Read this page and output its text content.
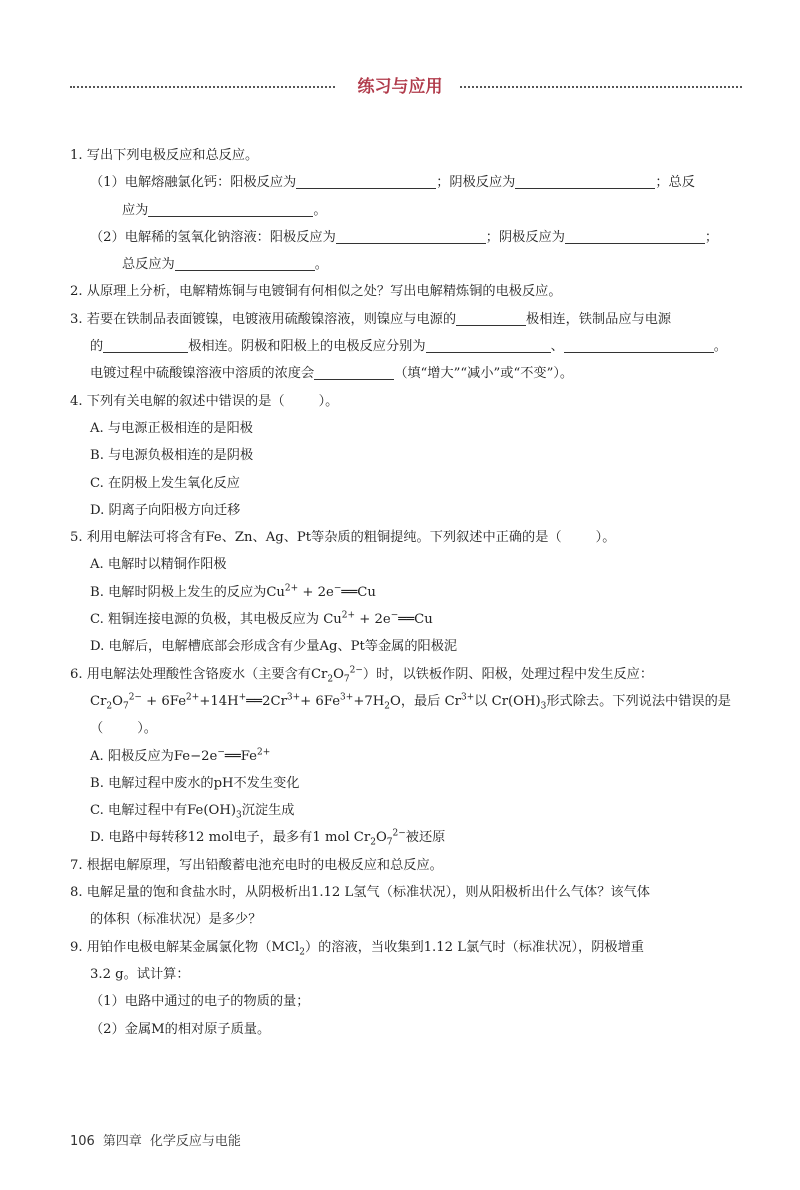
练习与应用
1. 写出下列电极反应和总反应。
（1）电解熔融氯化钙：阳极反应为	；阴极反应为	；总反
应为	。
（2）电解稀的氢氧化钠溶液：阳极反应为	；阴极反应为	；
总反应为	。
2. 从原理上分析，电解精炼铜与电镀铜有何相似之处？写出电解精炼铜的电极反应。
3. 若要在铁制品表面镀镍，电镀液用硫酸镍溶液，则镍应与电源的	极相连，铁制品应与电源
的	极相连。阴极和阳极上的电极反应分别为	、	。
电镀过程中硫酸镍溶液中溶质的浓度会	（填“增大”“减小”或“不变”）。
4. 下列有关电解的叙述中错误的是（	）。
A. 与电源正极相连的是阳极
B. 与电源负极相连的是阴极
C. 在阴极上发生氧化反应
D. 阴离子向阳极方向迁移
5. 利用电解法可将含有Fe、Zn、Ag、Pt等杂质的粗铜提纯。下列叙述中正确的是（	）。
A. 电解时以精铜作阳极
B. 电解时阴极上发生的反应为$Cu^{2+}$ + 2e−══Cu
C. 粗铜连接电源的负极，其电极反应为 $Cu^{2+}$ + 2e−══Cu
D. 电解后，电解槽底部会形成含有少量Ag、Pt等金属的阳极泥
6. 用电解法处理酸性含铬废水（主要含有$Cr_2O_7^{2-}$）时，以铁板作阴、阳极，处理过程中发生反应：
$Cr_2O_7^{2-}$ + $6Fe^{2+}+14H^+══2Cr^{3+}+ 6Fe^{3+}+7H_2O$，最后 $Cr^{3+}$以 $Cr(OH)_3$形式除去。下列说法中错误的是
（	）。
A. 阳极反应为$Fe-2e^-══Fe^{2+}$
B. 电解过程中废水的pH不发生变化
C. 电解过程中有$Fe(OH)_3$沉淀生成
D. 电路中每转移12 mol电子，最多有1 mol $Cr_2O_7^{2-}$被还原
7. 根据电解原理，写出铅酸蓄电池充电时的电极反应和总反应。
8. 电解足量的饱和食盐水时，从阴极析出1.12 L氢气（标准状况），则从阳极析出什么气体？该气体
的体积（标准状况）是多少？
9. 用铂作电极电解某金属氯化物（MCl$_2$）的溶液，当收集到1.12 L氯气时（标准状况），阴极增重
3.2 g。试计算：
（1）电路中通过的电子的物质的量；
（2）金属M的相对原子质量。
106 第四章 化学反应与电能
